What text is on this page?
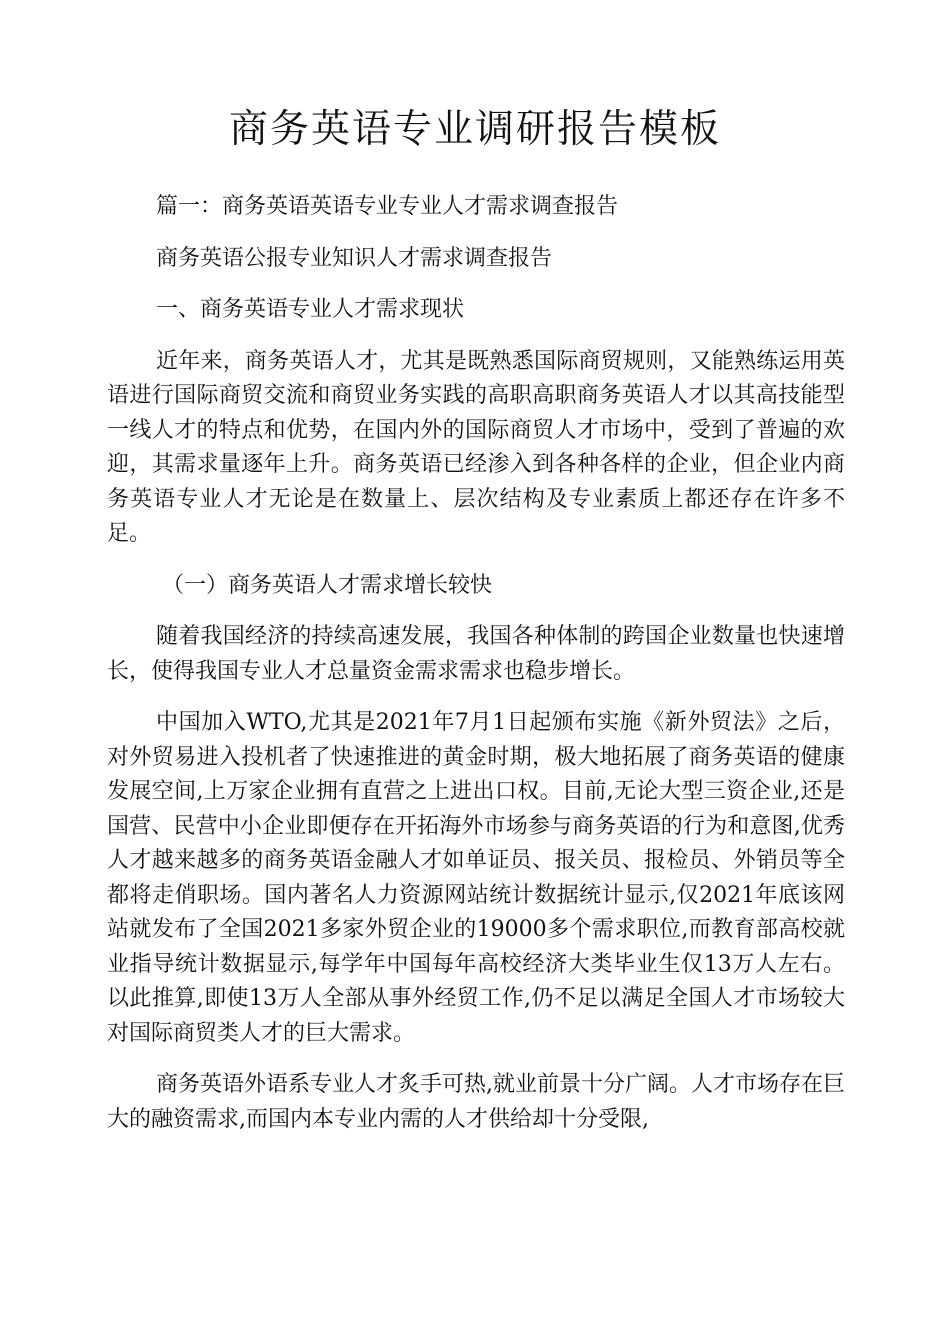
商务英语专业调研报告模板

篇一：商务英语英语专业专业人才需求调查报告

商务英语公报专业知识人才需求调查报告

一、商务英语专业人才需求现状

近年来，商务英语人才，尤其是既熟悉国际商贸规则，又能熟练运用英语进行国际商贸交流和商贸业务实践的高职高职商务英语人才以其高技能型一线人才的特点和优势，在国内外的国际商贸人才市场中，受到了普遍的欢迎，其需求量逐年上升。商务英语已经渗入到各种各样的企业，但企业内商务英语专业人才无论是在数量上、层次结构及专业素质上都还存在许多不足。

（一）商务英语人才需求增长较快

随着我国经济的持续高速发展，我国各种体制的跨国企业数量也快速增长，使得我国专业人才总量资金需求需求也稳步增长。

中国加入WTO,尤其是2021年7月1日起颁布实施《新外贸法》之后，对外贸易进入投机者了快速推进的黄金时期，极大地拓展了商务英语的健康发展空间,上万家企业拥有直营之上进出口权。目前,无论大型三资企业,还是国营、民营中小企业即便存在开拓海外市场参与商务英语的行为和意图,优秀人才越来越多的商务英语金融人才如单证员、报关员、报检员、外销员等全都将走俏职场。国内著名人力资源网站统计数据统计显示,仅2021年底该网站就发布了全国2021多家外贸企业的19000多个需求职位,而教育部高校就业指导统计数据显示,每学年中国每年高校经济大类毕业生仅13万人左右。以此推算,即使13万人全部从事外经贸工作,仍不足以满足全国人才市场较大对国际商贸类人才的巨大需求。

商务英语外语系专业人才炙手可热,就业前景十分广阔。人才市场存在巨大的融资需求,而国内本专业内需的人才供给却十分受限,
